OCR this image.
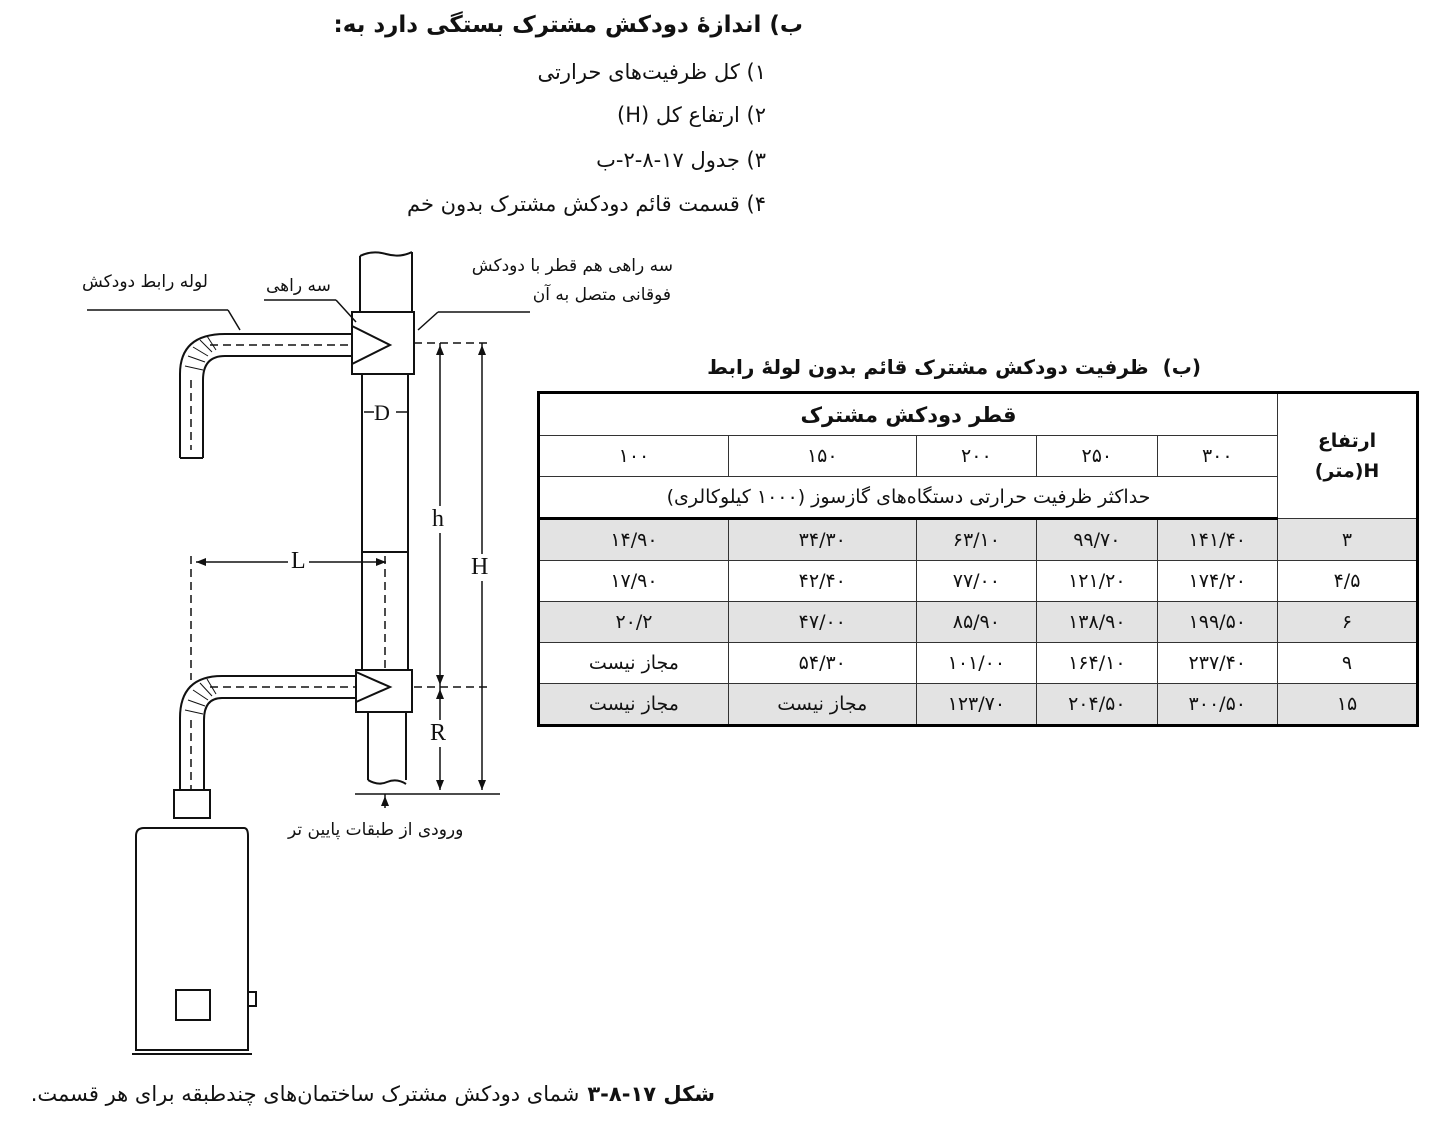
ب) اندازهٔ دودکش مشترک بستگی دارد به:
۱) کل ظرفیت‌های حرارتی
۲) ارتفاع کل (H)
۳) جدول ۱۷-۸-۲-ب
۴) قسمت قائم دودکش مشترک بدون خم
لوله رابط دودکش	سه راهی
سه راهی هم قطر با دودکش
فوقانی متصل به آن
ورودی از طبقات پایین تر
D
h
H
L
R
(ب)ظرفیت دودکش مشترک قائم بدون لولهٔ رابط
ارتفاع
H(متر)	قطر دودکش مشترک				
	۳۰۰	۲۵۰	۲۰۰	۱۵۰	۱۰۰
	حداکثر ظرفیت حرارتی دستگاه‌های گازسوز (۱۰۰۰ کیلوکالری)				
۳	۱۴۱/۴۰	۹۹/۷۰	۶۳/۱۰	۳۴/۳۰	۱۴/۹۰
۴/۵	۱۷۴/۲۰	۱۲۱/۲۰	۷۷/۰۰	۴۲/۴۰	۱۷/۹۰
۶	۱۹۹/۵۰	۱۳۸/۹۰	۸۵/۹۰	۴۷/۰۰	۲۰/۲
۹	۲۳۷/۴۰	۱۶۴/۱۰	۱۰۱/۰۰	۵۴/۳۰	مجاز نیست
۱۵	۳۰۰/۵۰	۲۰۴/۵۰	۱۲۳/۷۰	مجاز نیست	مجاز نیست
شکل ۱۷-۸-۳شمای دودکش مشترک ساختمان‌های چندطبقه برای هر قسمت.
